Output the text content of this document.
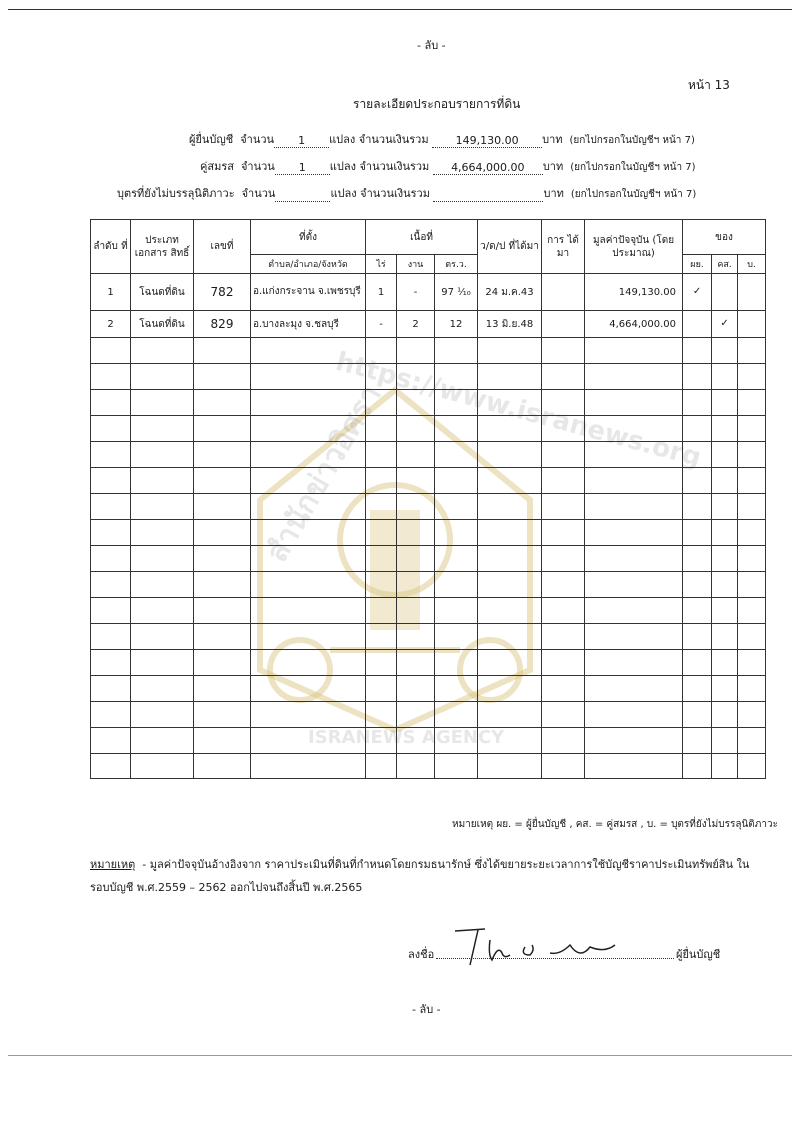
- ลับ -
หน้า 13
รายละเอียดประกอบรายการที่ดิน
ผู้ยื่นบัญชี จำนวน 1 แปลง จำนวนเงินรวม 149,130.00 บาท (ยกไปกรอกในบัญชีฯ หน้า 7)
คู่สมรส จำนวน 1 แปลง จำนวนเงินรวม 4,664,000.00 บาท (ยกไปกรอกในบัญชีฯ หน้า 7)
บุตรที่ยังไม่บรรลุนิติภาวะ จำนวน	แปลง จำนวนเงินรวม	บาท (ยกไปกรอกในบัญชีฯ หน้า 7)
สำนักข่าวอิศรา
https://www.isranews.org
ISRANEWS AGENCY
ลำดับ ที่	ประเภท เอกสาร สิทธิ์	เลขที่	ที่ตั้ง	เนื้อที่			ว/ด/ป ที่ได้มา	การ ได้มา	มูลค่าปัจจุบัน (โดยประมาณ)	ของ		
			ตำบล/อำเภอ/จังหวัด	ไร่	งาน	ตร.ว.				ผย.	คส.	บ.
1	โฉนดที่ดิน	782	อ.แก่งกระจาน จ.เพชรบุรี	1	-	97 ¹⁄₁₀	24 ม.ค.43		149,130.00	✓		
2	โฉนดที่ดิน	829	อ.บางละมุง จ.ชลบุรี	-	2	12	13 มิ.ย.48		4,664,000.00		✓	

หมายเหตุ ผย. = ผู้ยื่นบัญชี , คส. = คู่สมรส , บ. = บุตรที่ยังไม่บรรลุนิติภาวะ
หมายเหตุ - มูลค่าปัจจุบันอ้างอิงจาก ราคาประเมินที่ดินที่กำหนดโดยกรมธนารักษ์ ซึ่งได้ขยายระยะเวลาการใช้บัญชีราคาประเมินทรัพย์สิน ใน
รอบบัญชี พ.ศ.2559 – 2562 ออกไปจนถึงสิ้นปี พ.ศ.2565
ลงชื่อ	ผู้ยื่นบัญชี
- ลับ -
